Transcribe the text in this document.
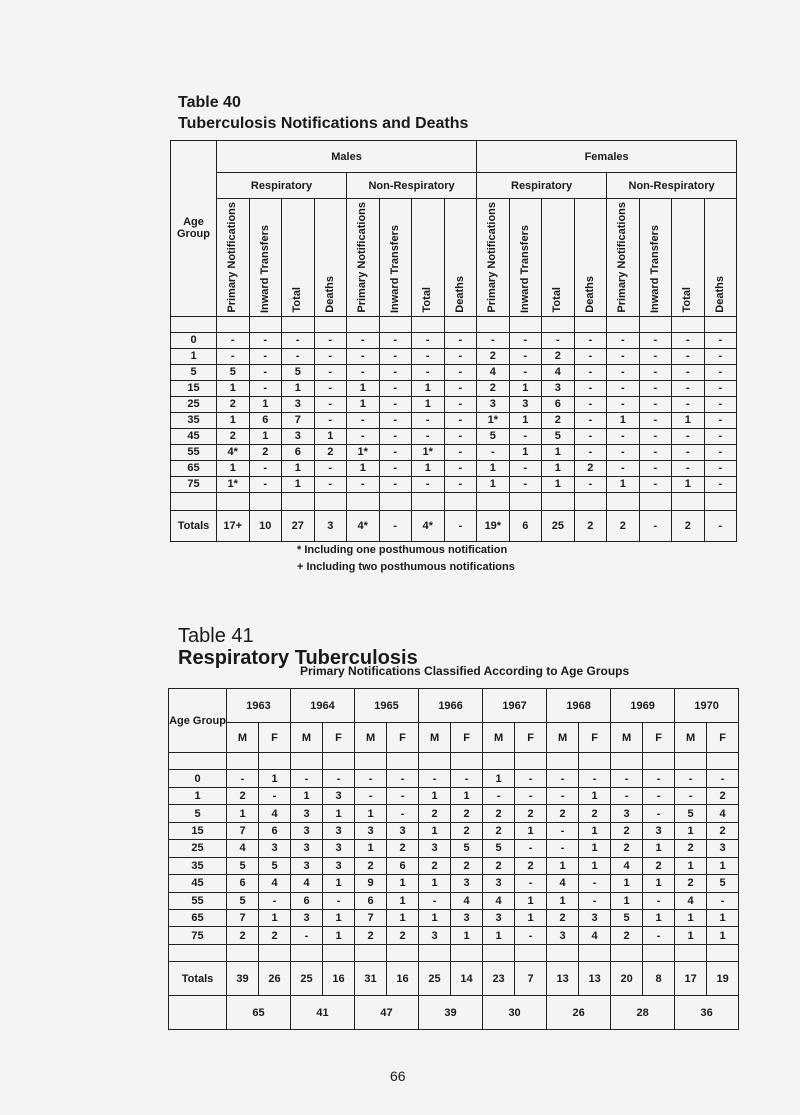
Table 40
Tuberculosis Notifications and Deaths
Age Group	Males								Females							
	Respiratory				Non-Respiratory				Respiratory				Non-Respiratory			
	Primary Notifications	Inward Transfers	Total	Deaths	Primary Notifications	Inward Transfers	Total	Deaths	Primary Notifications	Inward Transfers	Total	Deaths	Primary Notifications	Inward Transfers	Total	Deaths

0	-	-	-	-	-	-	-	-	-	-	-	-	-	-	-	-
1	-	-	-	-	-	-	-	-	2	-	2	-	-	-	-	-
5	5	-	5	-	-	-	-	-	4	-	4	-	-	-	-	-
15	1	-	1	-	1	-	1	-	2	1	3	-	-	-	-	-
25	2	1	3	-	1	-	1	-	3	3	6	-	-	-	-	-
35	1	6	7	-	-	-	-	-	1*	1	2	-	1	-	1	-
45	2	1	3	1	-	-	-	-	5	-	5	-	-	-	-	-
55	4*	2	6	2	1*	-	1*	-	-	1	1	-	-	-	-	-
65	1	-	1	-	1	-	1	-	1	-	1	2	-	-	-	-
75	1*	-	1	-	-	-	-	-	1	-	1	-	1	-	1	-

Totals	17+	10	27	3	4*	-	4*	-	19*	6	25	2	2	-	2	-
* Including one posthumous notification
+ Including two posthumous notifications
Table 41
Respiratory Tuberculosis
Primary Notifications Classified According to Age Groups
Age Group	1963		1964		1965		1966		1967		1968		1969		1970	
	M	F	M	F	M	F	M	F	M	F	M	F	M	F	M	F

0	-	1	-	-	-	-	-	-	1	-	-	-	-	-	-	-
1	2	-	1	3	-	-	1	1	-	-	-	1	-	-	-	2
5	1	4	3	1	1	-	2	2	2	2	2	2	3	-	5	4
15	7	6	3	3	3	3	1	2	2	1	-	1	2	3	1	2
25	4	3	3	3	1	2	3	5	5	-	-	1	2	1	2	3
35	5	5	3	3	2	6	2	2	2	2	1	1	4	2	1	1
45	6	4	4	1	9	1	1	3	3	-	4	-	1	1	2	5
55	5	-	6	-	6	1	-	4	4	1	1	-	1	-	4	-
65	7	1	3	1	7	1	1	3	3	1	2	3	5	1	1	1
75	2	2	-	1	2	2	3	1	1	-	3	4	2	-	1	1

Totals	39	26	25	16	31	16	25	14	23	7	13	13	20	8	17	19
	65		41		47		39		30		26		28		36	
66
